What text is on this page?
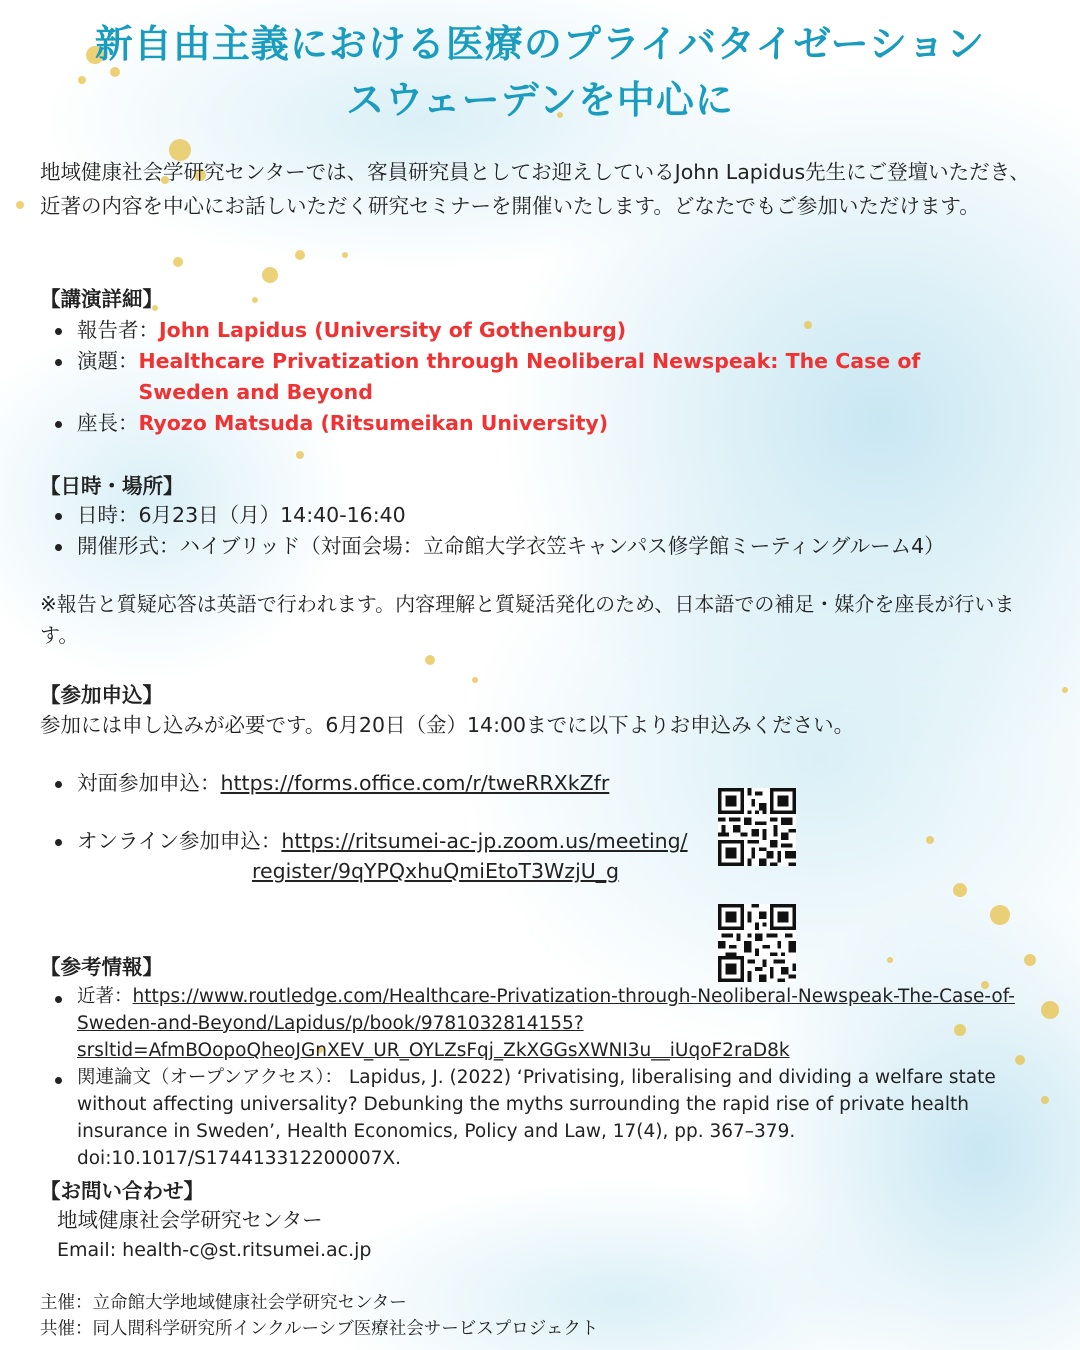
新自由主義における医療のプライバタイゼーション
スウェーデンを中心に
地域健康社会学研究センターでは、客員研究員としてお迎えしているJohn Lapidus先生にご登壇いただき、近著の内容を中心にお話しいただく研究セミナーを開催いたします。どなたでもご参加いただけます。
【講演詳細】
報告者：John Lapidus (University of Gothenburg)
演題： Healthcare Privatization through Neoliberal Newspeak: The Case of Sweden and Beyond
座長：Ryozo Matsuda (Ritsumeikan University)
【日時・場所】
日時：6月23日（月）14:40-16:40
開催形式：ハイブリッド（対面会場：立命館大学衣笠キャンパス修学館ミーティングルーム4）
※報告と質疑応答は英語で行われます。内容理解と質疑活発化のため、日本語での補足・媒介を座長が行います。
【参加申込】
参加には申し込みが必要です。6月20日（金）14:00までに以下よりお申込みください。
対面参加申込：https://forms.office.com/r/tweRRXkZfr
オンライン参加申込：https://ritsumei-ac-jp.zoom.us/meeting/
register/9qYPQxhuQmiEtoT3WzjU_g
【参考情報】
近著：https://www.routledge.com/Healthcare-Privatization-through-Neoliberal-Newspeak-The-Case-of-
Sweden-and-Beyond/Lapidus/p/book/9781032814155?
srsltid=AfmBOopoQheoJGnXEV_UR_OYLZsFqj_ZkXGGsXWNI3u__iUqoF2raD8k
関連論文（オープンアクセス）： Lapidus, J. (2022) ‘Privatising, liberalising and dividing a welfare state without affecting universality? Debunking the myths surrounding the rapid rise of private health insurance in Sweden’, Health Economics, Policy and Law, 17(4), pp. 367–379. doi:10.1017/S174413312200007X.
【お問い合わせ】
地域健康社会学研究センター
Email: health-c@st.ritsumei.ac.jp
主催：立命館大学地域健康社会学研究センター
共催：同人間科学研究所インクルーシブ医療社会サービスプロジェクト
